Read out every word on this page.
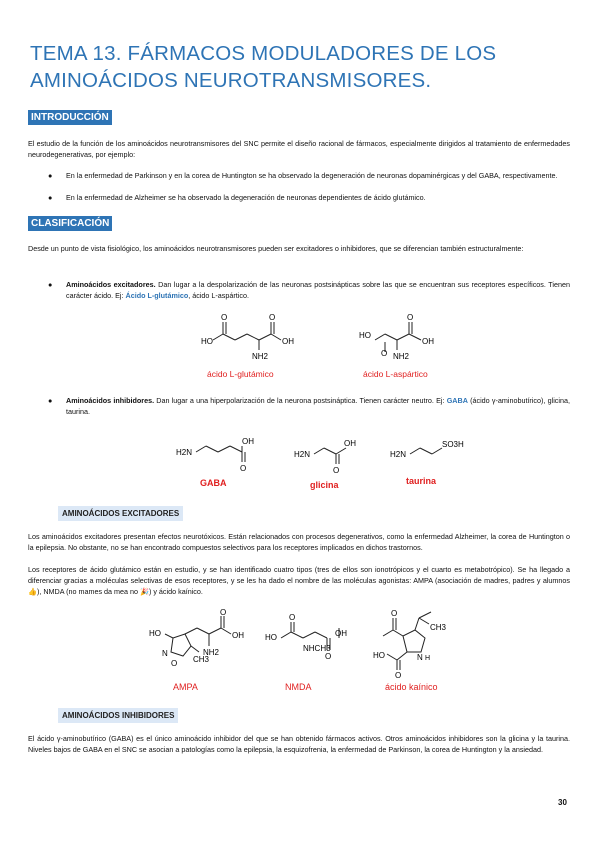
TEMA 13. FÁRMACOS MODULADORES DE LOS AMINOÁCIDOS NEUROTRANSMISORES.
INTRODUCCIÓN

El estudio de la función de los aminoácidos neurotransmisores del SNC permite el diseño racional de fármacos, especialmente dirigidos al tratamiento de enfermedades neurodegenerativas, por ejemplo:

● En la enfermedad de Parkinson y en la corea de Huntington se ha observado la degeneración de neuronas dopaminérgicas y del GABA, respectivamente.

● En la enfermedad de Alzheimer se ha observado la degeneración de neuronas dependientes de ácido glutámico.

CLASIFICACIÓN

Desde un punto de vista fisiológico, los aminoácidos neurotransmisores pueden ser excitadores o inhibidores, que se diferencian también estructuralmente:

● Aminoácidos excitadores. Dan lugar a la despolarización de las neuronas postsinápticas sobre las que se encuentran sus receptores específicos. Tienen carácter ácido. Ej: Ácido L-glutámico, ácido L-aspártico.

HO
O	O
OH
NH2
ácido L-glutámico
HO
O
O
OH
NH2
ácido L-aspártico
● Aminoácidos inhibidores. Dan lugar a una hiperpolarización de la neurona postsináptica. Tienen carácter neutro. Ej: GABA (ácido γ-aminobutírico), glicina, taurina.

H2N
OH
O
GABA
H2N
OH
O
glicina
H2N
SO3H
taurina
AMINOÁCIDOS EXCITADORES

Los aminoácidos excitadores presentan efectos neurotóxicos. Están relacionados con procesos degenerativos, como la enfermedad Alzheimer, la corea de Huntington o la epilepsia. No obstante, no se han encontrado compuestos selectivos para los receptores implicados en dichos trastornos.

Los receptores de ácido glutámico están en estudio, y se han identificado cuatro tipos (tres de ellos son ionotrópicos y el cuarto es metabotrópico). Se ha llegado a diferenciar gracias a moléculas selectivas de esos receptores, y se les ha dado el nombre de las moléculas agonistas: AMPA (asociación de madres, padres y alumnos 👍), NMDA (no mames da mea no 🎉) y ácido kaínico.

HO
O
OH
N
O
NH2
CH3
AMPA
HO
O
O
OH
NHCH3
NMDA
CH3
HO
O
O
N H
ácido kaínico
AMINOÁCIDOS INHIBIDORES

El ácido γ-aminobutírico (GABA) es el único aminoácido inhibidor del que se han obtenido fármacos activos. Otros aminoácidos inhibidores son la glicina y la taurina. Niveles bajos de GABA en el SNC se asocian a patologías como la epilepsia, la esquizofrenia, la enfermedad de Parkinson, la corea de Huntington y la ansiedad.

30
